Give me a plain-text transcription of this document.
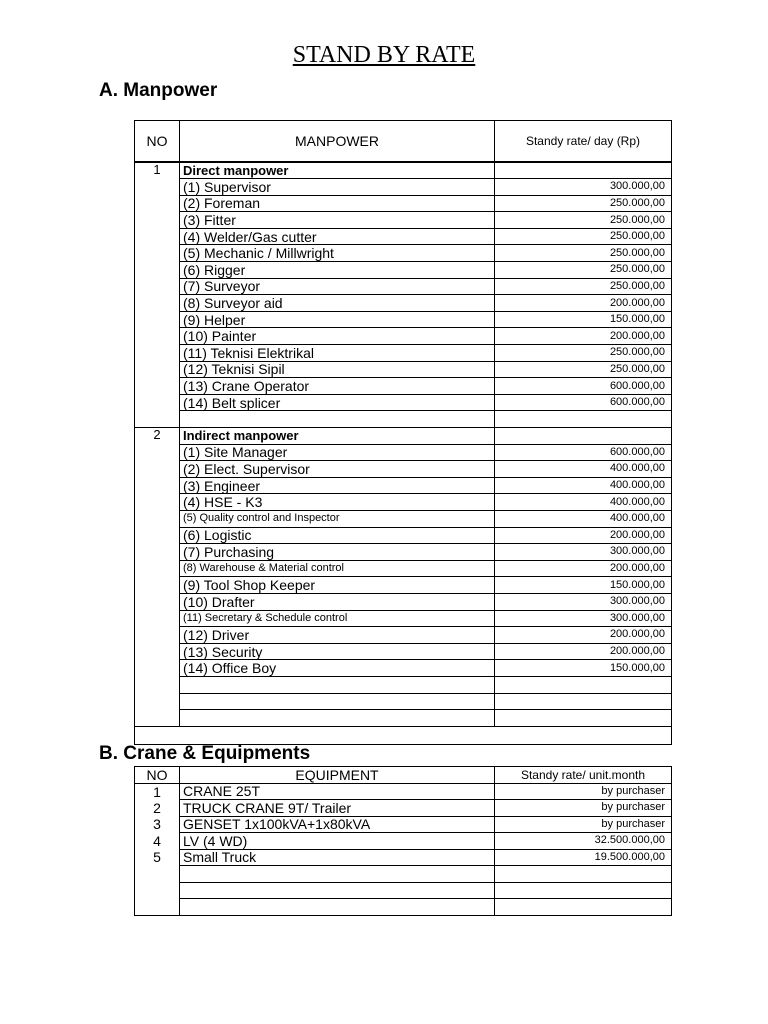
STAND BY RATE
A. Manpower
NO	MANPOWER	Standy rate/ day (Rp)
1	Direct manpower	
	(1) Supervisor	300.000,00
	(2) Foreman	250.000,00
	(3) Fitter	250.000,00
	(4) Welder/Gas cutter	250.000,00
	(5) Mechanic / Millwright	250.000,00
	(6) Rigger	250.000,00
	(7) Surveyor	250.000,00
	(8) Surveyor aid	200.000,00
	(9) Helper	150.000,00
	(10) Painter	200.000,00
	(11) Teknisi Elektrikal	250.000,00
	(12) Teknisi Sipil	250.000,00
	(13) Crane Operator	600.000,00
	(14) Belt splicer	600.000,00

2	Indirect manpower	
	(1) Site Manager	600.000,00
	(2) Elect. Supervisor	400.000,00
	(3) Engineer	400.000,00
	(4) HSE - K3	400.000,00
	(5) Quality control and Inspector	400.000,00
	(6) Logistic	200.000,00
	(7) Purchasing	300.000,00
	(8) Warehouse & Material control	200.000,00
	(9) Tool Shop Keeper	150.000,00
	(10) Drafter	300.000,00
	(11) Secretary & Schedule control	300.000,00
	(12) Driver	200.000,00
	(13) Security	200.000,00
	(14) Office Boy	150.000,00

B. Crane & Equipments
NO	EQUIPMENT	Standy rate/ unit.month
1	CRANE 25T	by purchaser
2	TRUCK CRANE 9T/ Trailer	by purchaser
3	GENSET 1x100kVA+1x80kVA	by purchaser
4	LV (4 WD)	32.500.000,00
5	Small Truck	19.500.000,00
